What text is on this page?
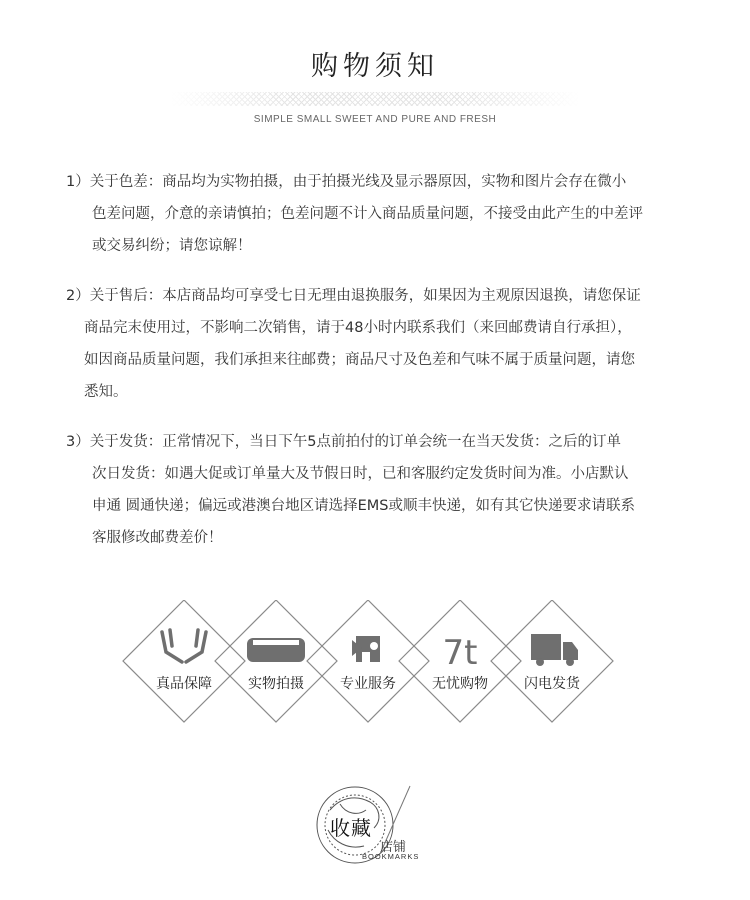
购物须知
SIMPLE SMALL SWEET AND PURE AND FRESH
1）关于色差：商品均为实物拍摄，由于拍摄光线及显示器原因，实物和图片会存在微小
色差问题，介意的亲请慎拍；色差问题不计入商品质量问题，不接受由此产生的中差评
或交易纠纷；请您谅解！
2）关于售后：本店商品均可享受七日无理由退换服务，如果因为主观原因退换，请您保证
商品完末使用过，不影响二次销售，请于48小时内联系我们（来回邮费请自行承担），
如因商品质量问题，我们承担来往邮费；商品尺寸及色差和气味不属于质量问题，请您
悉知。
3）关于发货：正常情况下，当日下午5点前拍付的订单会统一在当天发货：之后的订单
次日发货：如遇大促或订单量大及节假日时，已和客服约定发货时间为准。小店默认
申通 圆通快递；偏远或港澳台地区请选择EMS或顺丰快递，如有其它快递要求请联系
客服修改邮费差价！
7t
真品保障	实物拍摄	专业服务	无忧购物	闪电发货
收藏
店铺
BOOKMARKS
